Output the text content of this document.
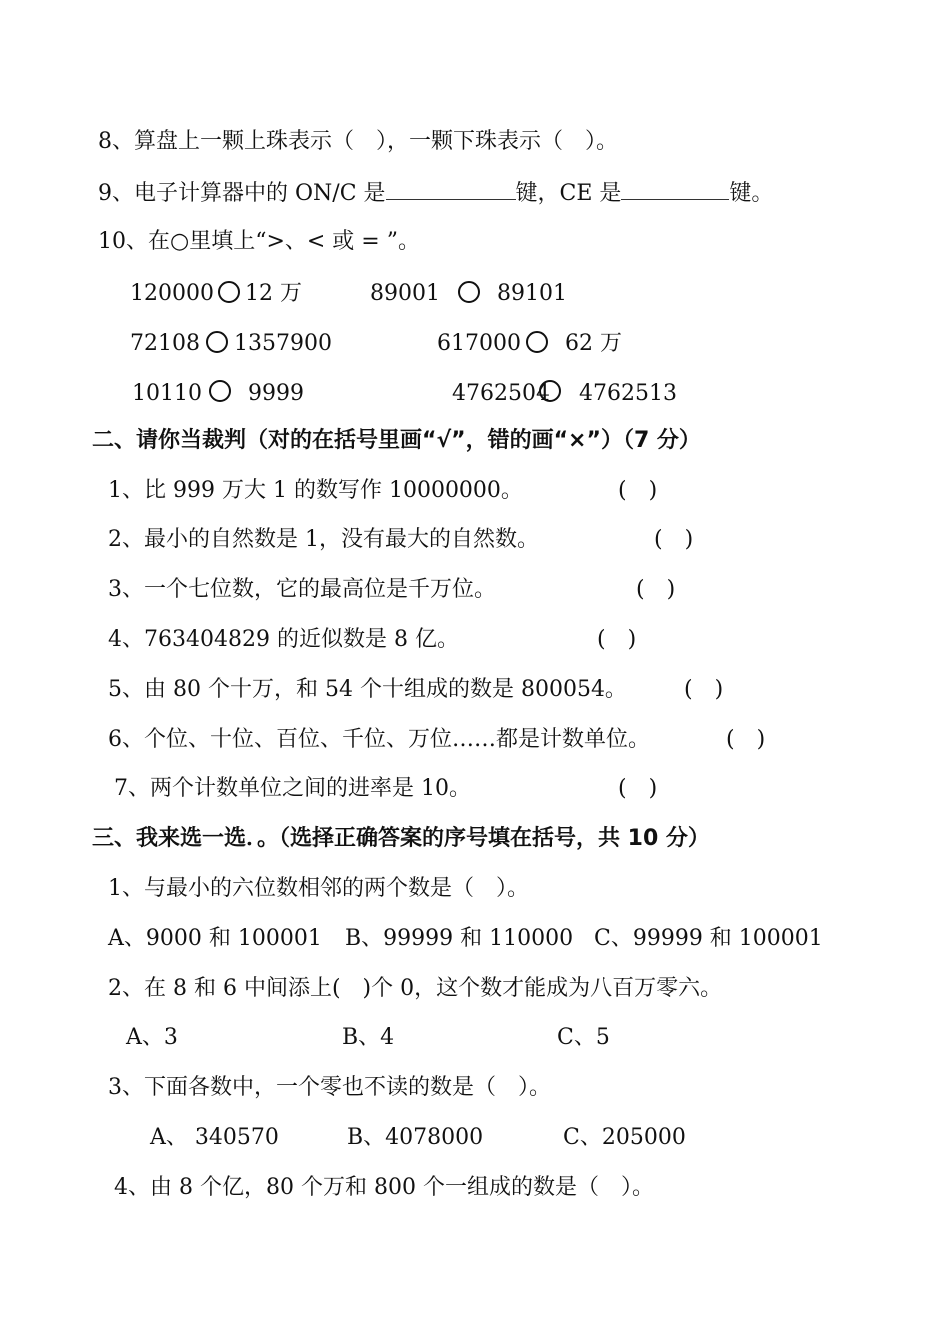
8、算盘上一颗上珠表示（　），一颗下珠表示（　）。
9、电子计算器中的 ON/C 是	键，CE 是	键。
10、在○里填上“>、< 或 = ”。
120000 12 万	89001	89101
72108 1357900	617000 62 万
10110 9999	4762504 4762513
二、请你当裁判（对的在括号里画“√”，错的画“×”）（7 分）
1、比 999 万大 1 的数写作 10000000。	(　)
2、最小的自然数是 1，没有最大的自然数。	(　)
3、一个七位数，它的最高位是千万位。	(　)
4、763404829 的近似数是 8 亿。	(　)
5、由 80 个十万，和 54 个十组成的数是 800054。	(　)
6、个位、十位、百位、千位、万位……都是计数单位。	(　)
7、两个计数单位之间的进率是 10。	(　)
三、我来选一选．。（选择正确答案的序号填在括号，共 10 分）
1、与最小的六位数相邻的两个数是（　）。
A、9000 和 100001 B、99999 和 110000 C、99999 和 100001
2、在 8 和 6 中间添上(　)个 0，这个数才能成为八百万零六。
A、3	B、4	C、5
3、下面各数中，一个零也不读的数是（　）。
A、 340570	B、4078000	C、205000
4、由 8 个亿，80 个万和 800 个一组成的数是（　）。
